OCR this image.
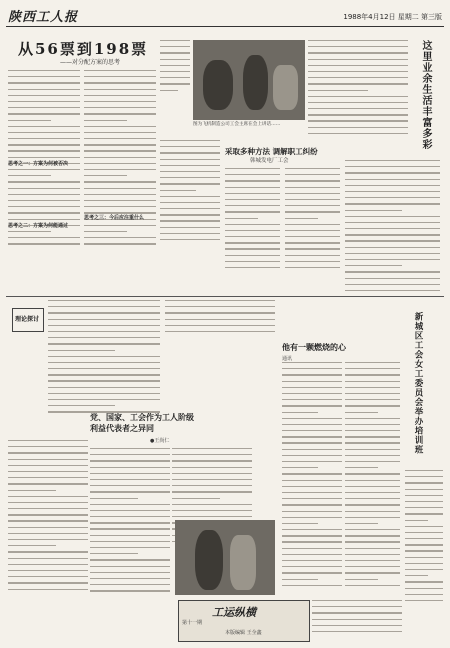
陕西工人报	1988年4月12日 星期二 第三版
从56票到198票
——对分配方案的思考
思考之一：方案为何被否决
思考之二：方案为何能通过
思考之三：今后应注重什么
图为飞机制造公司工会主席在会上讲话……
采取多种方法 调解职工纠纷
韩城发电厂工会
这里业余生活丰富多彩
理论探讨
党、国家、工会作为工人阶级利益代表者之异同
●王尚仁
他有一颗燃烧的心
通讯	新城区工会女工委员会举办培训班
工运纵横
第十一期
本版编辑 王全鑫
